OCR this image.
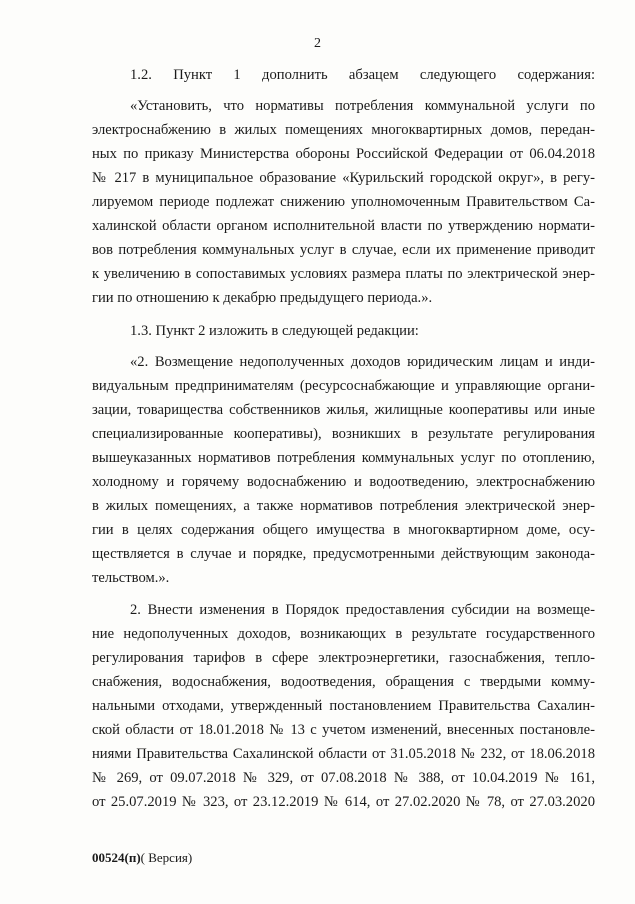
2
1.2. Пункт 1 дополнить абзацем следующего содержания:
«Установить, что нормативы потребления коммунальной услуги по
электроснабжению в жилых помещениях многоквартирных домов, передан-
ных по приказу Министерства обороны Российской Федерации от 06.04.2018
№ 217 в муниципальное образование «Курильский городской округ», в регу-
лируемом периоде подлежат снижению уполномоченным Правительством Са-
халинской области органом исполнительной власти по утверждению нормати-
вов потребления коммунальных услуг в случае, если их применение приводит
к увеличению в сопоставимых условиях размера платы по электрической энер-
гии по отношению к декабрю предыдущего периода.».
1.3. Пункт 2 изложить в следующей редакции:
«2. Возмещение недополученных доходов юридическим лицам и инди-
видуальным предпринимателям (ресурсоснабжающие и управляющие органи-
зации, товарищества собственников жилья, жилищные кооперативы или иные
специализированные кооперативы), возникших в результате регулирования
вышеуказанных нормативов потребления коммунальных услуг по отоплению,
холодному и горячему водоснабжению и водоотведению, электроснабжению
в жилых помещениях, а также нормативов потребления электрической энер-
гии в целях содержания общего имущества в многоквартирном доме, осу-
ществляется в случае и порядке, предусмотренными действующим законода-
тельством.».
2. Внести изменения в Порядок предоставления субсидии на возмеще-
ние недополученных доходов, возникающих в результате государственного
регулирования тарифов в сфере электроэнергетики, газоснабжения, тепло-
снабжения, водоснабжения, водоотведения, обращения с твердыми комму-
нальными отходами, утвержденный постановлением Правительства Сахалин-
ской области от 18.01.2018 № 13 с учетом изменений, внесенных постановле-
ниями Правительства Сахалинской области от 31.05.2018 № 232, от 18.06.2018
№ 269, от 09.07.2018 № 329, от 07.08.2018 № 388, от 10.04.2019 № 161,
от 25.07.2019 № 323, от 23.12.2019 № 614, от 27.02.2020 № 78, от 27.03.2020
00524(п)( Версия)
